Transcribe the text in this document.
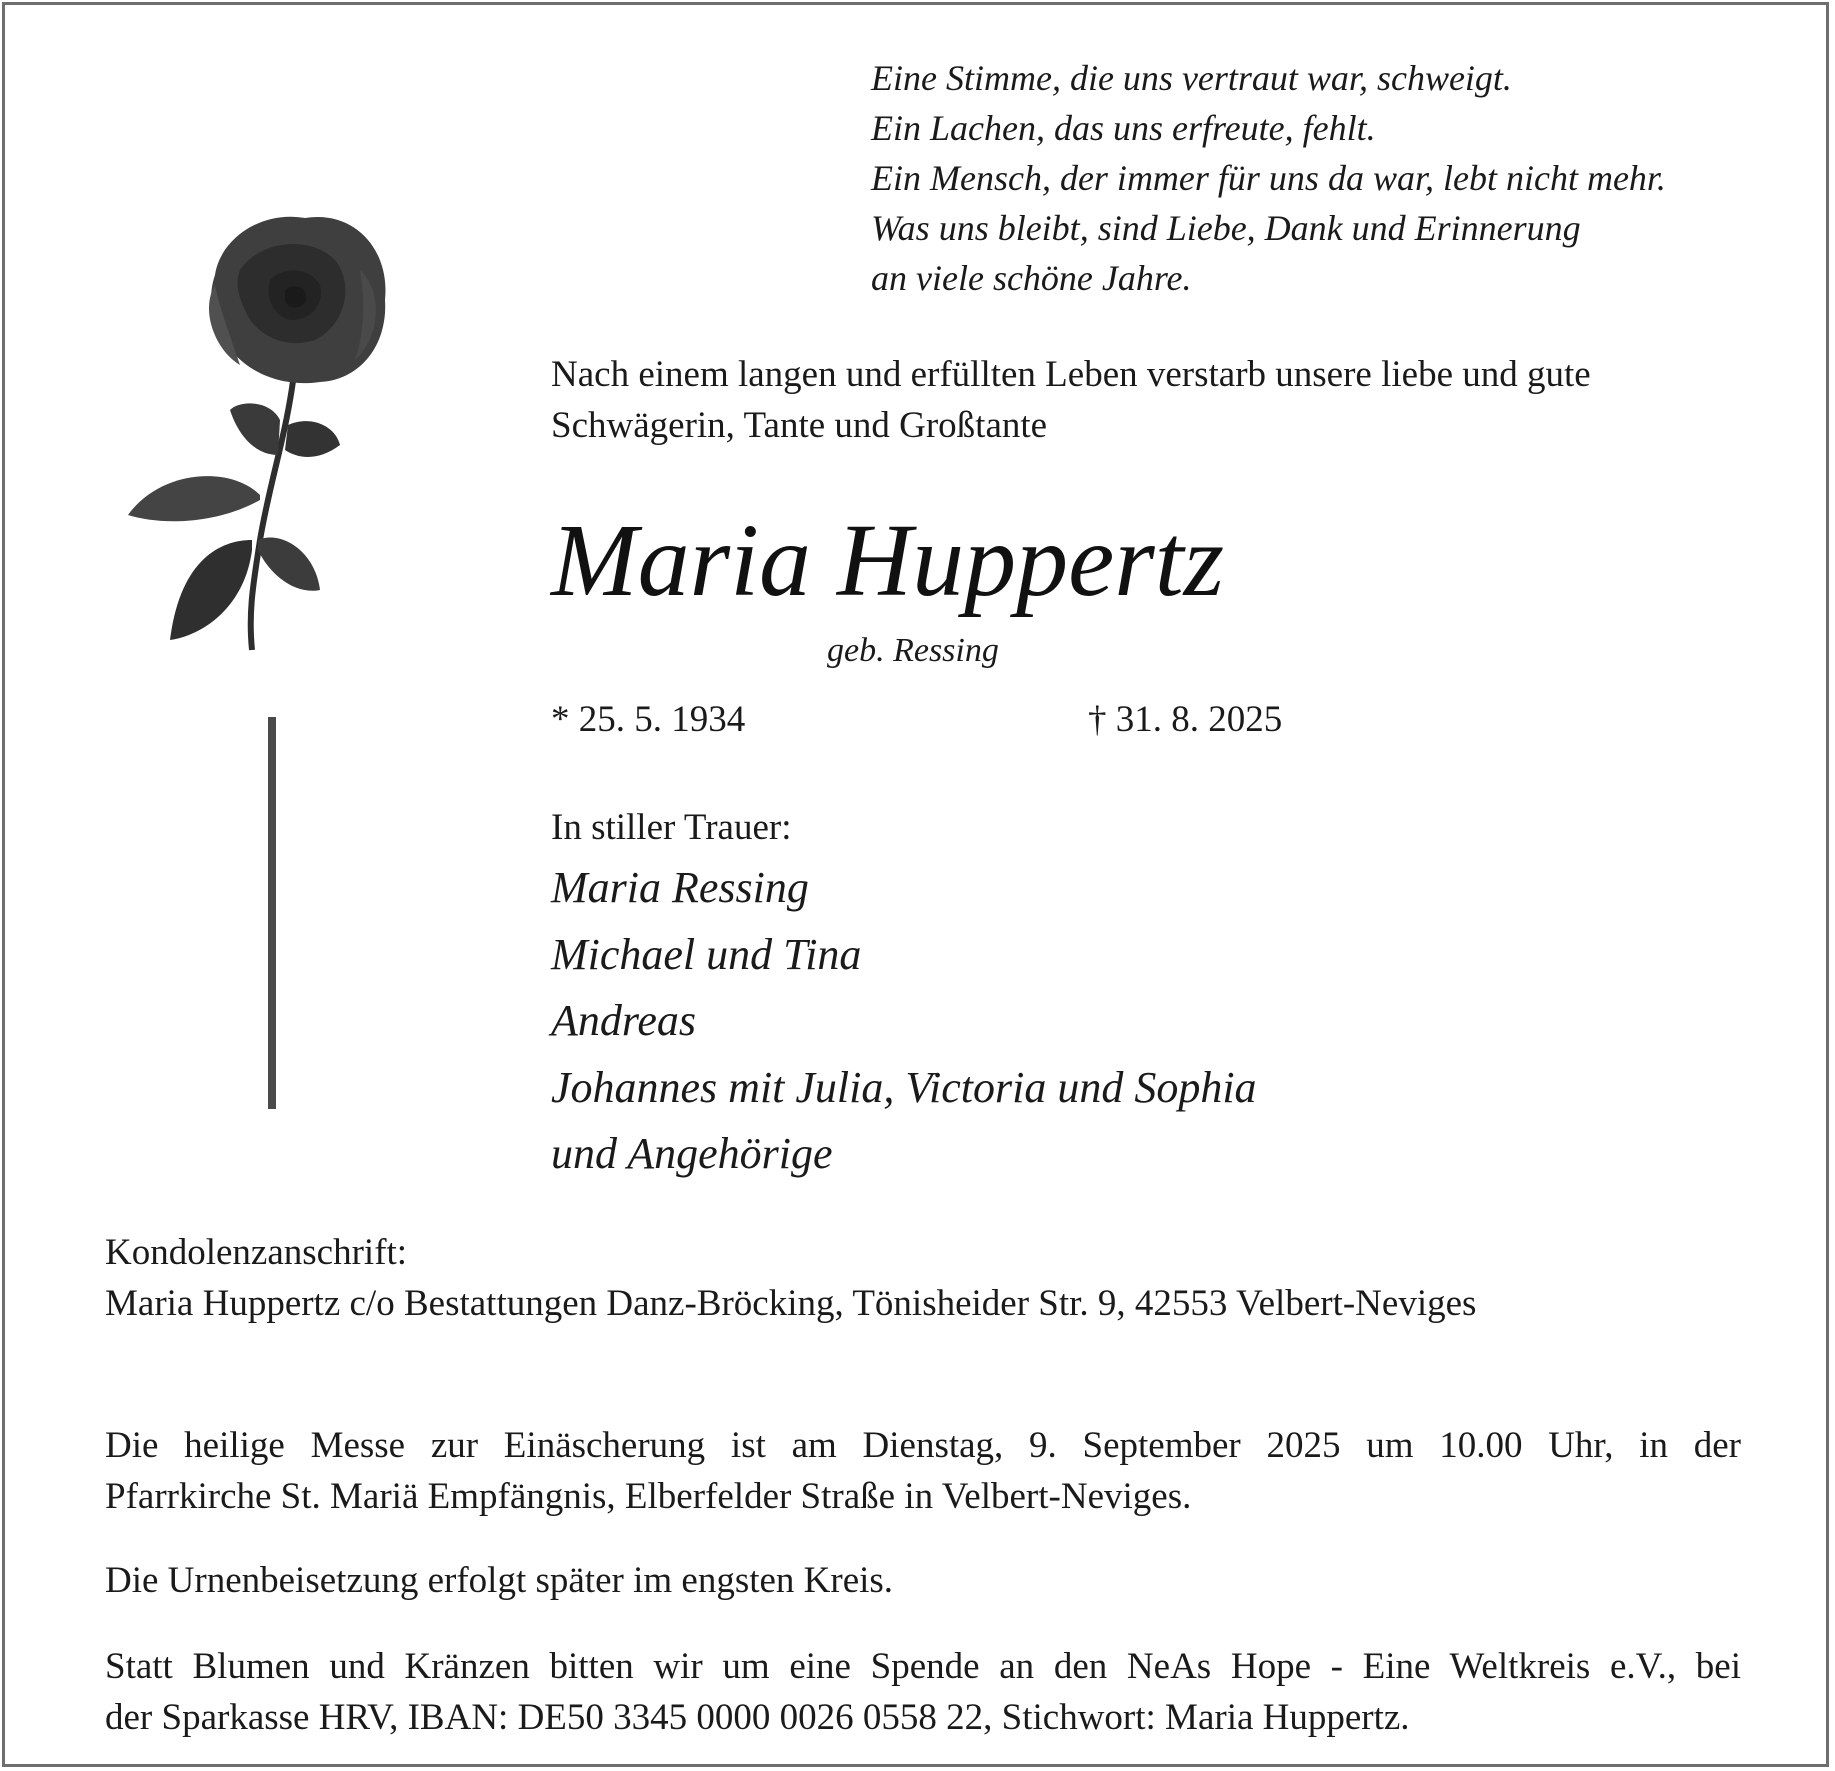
Eine Stimme, die uns vertraut war, schweigt.
Ein Lachen, das uns erfreute, fehlt.
Ein Mensch, der immer für uns da war, lebt nicht mehr.
Was uns bleibt, sind Liebe, Dank und Erinnerung
an viele schöne Jahre.
Nach einem langen und erfüllten Leben verstarb unsere liebe und gute
Schwägerin, Tante und Großtante
Maria Huppertz
geb. Ressing
* 25. 5. 1934	† 31. 8. 2025
In stiller Trauer:
Maria Ressing
Michael und Tina
Andreas
Johannes mit Julia, Victoria und Sophia
und Angehörige
Kondolenzanschrift:
Maria Huppertz c/o Bestattungen Danz-Bröcking, Tönisheider Str. 9, 42553 Velbert-Neviges
Die heilige Messe zur Einäscherung ist am Dienstag, 9. September 2025 um 10.00 Uhr, in der
Pfarrkirche St. Mariä Empfängnis, Elberfelder Straße in Velbert-Neviges.
Die Urnenbeisetzung erfolgt später im engsten Kreis.
Statt Blumen und Kränzen bitten wir um eine Spende an den NeAs Hope - Eine Weltkreis e.V., bei
der Sparkasse HRV, IBAN: DE50 3345 0000 0026 0558 22, Stichwort: Maria Huppertz.
